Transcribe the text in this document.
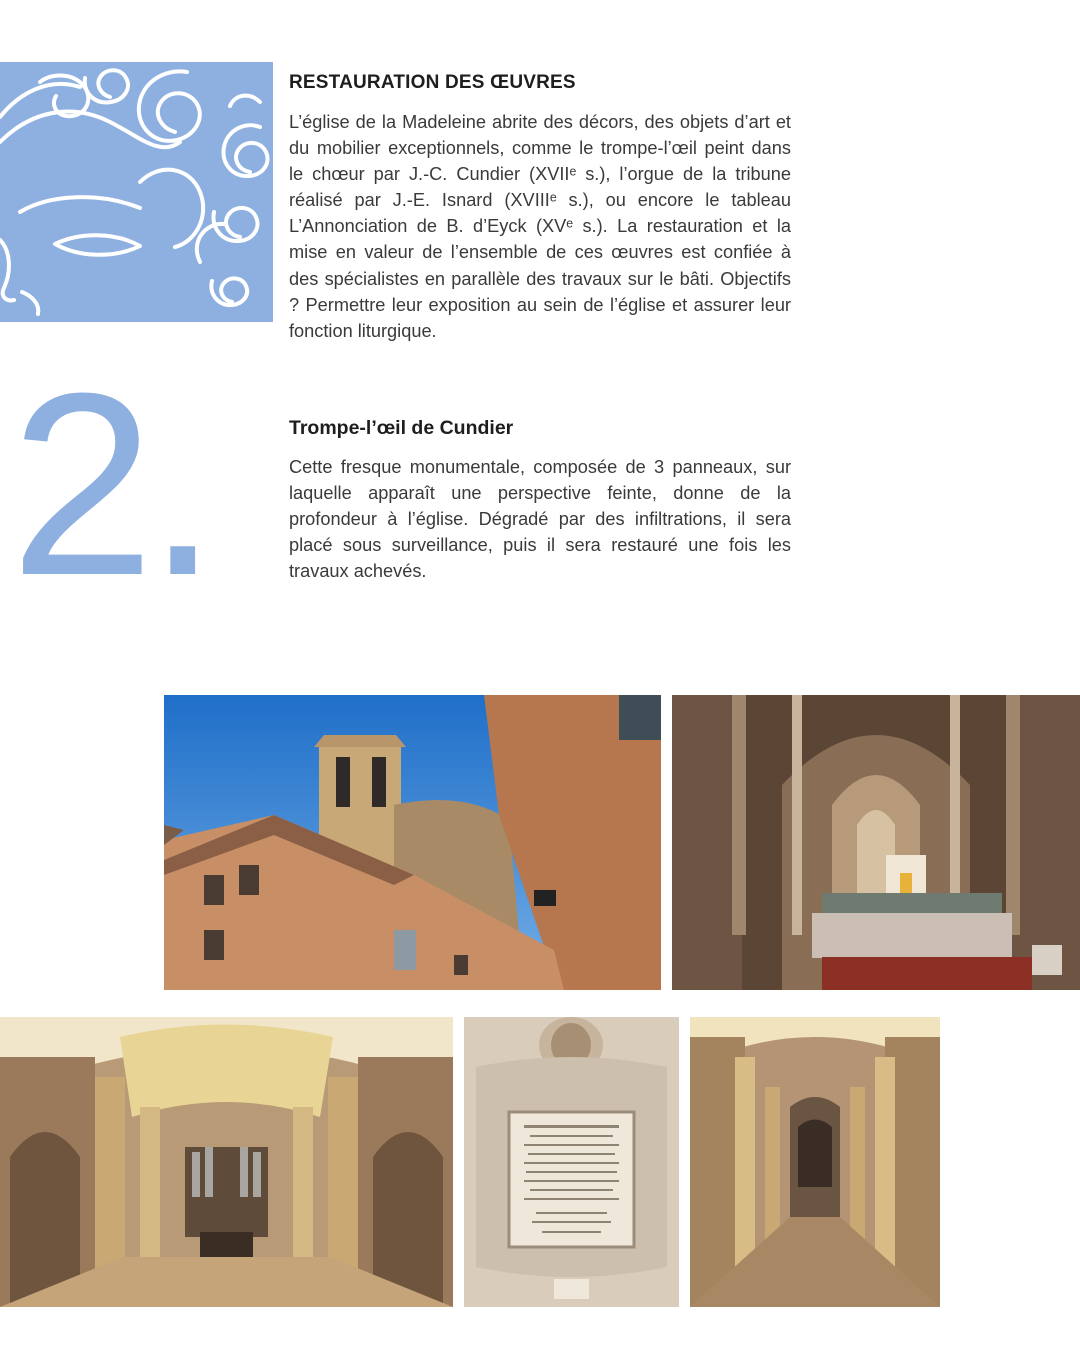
RESTAURATION DES ŒUVRES

L’église de la Madeleine abrite des décors, des objets d’art et du mobilier exceptionnels, comme le trompe-l’œil peint dans le chœur par J.-C. Cundier (XVIIᵉ s.), l’orgue de la tribune réalisé par J.-E. Isnard (XVIIIᵉ s.), ou encore le tableau L’Annonciation de B. d’Eyck (XVᵉ s.). La restauration et la mise en valeur de l’ensemble de ces œuvres est confiée à des spécialistes en parallèle des travaux sur le bâti. Objectifs ? Permettre leur exposition au sein de l’église et assurer leur fonction liturgique.

2.	Trompe-l’œil de Cundier

Cette fresque monumentale, composée de 3 panneaux, sur laquelle apparaît une perspective feinte, donne de la profondeur à l’église. Dégradé par des infiltrations, il sera placé sous surveillance, puis il sera restauré une fois les travaux achevés.
